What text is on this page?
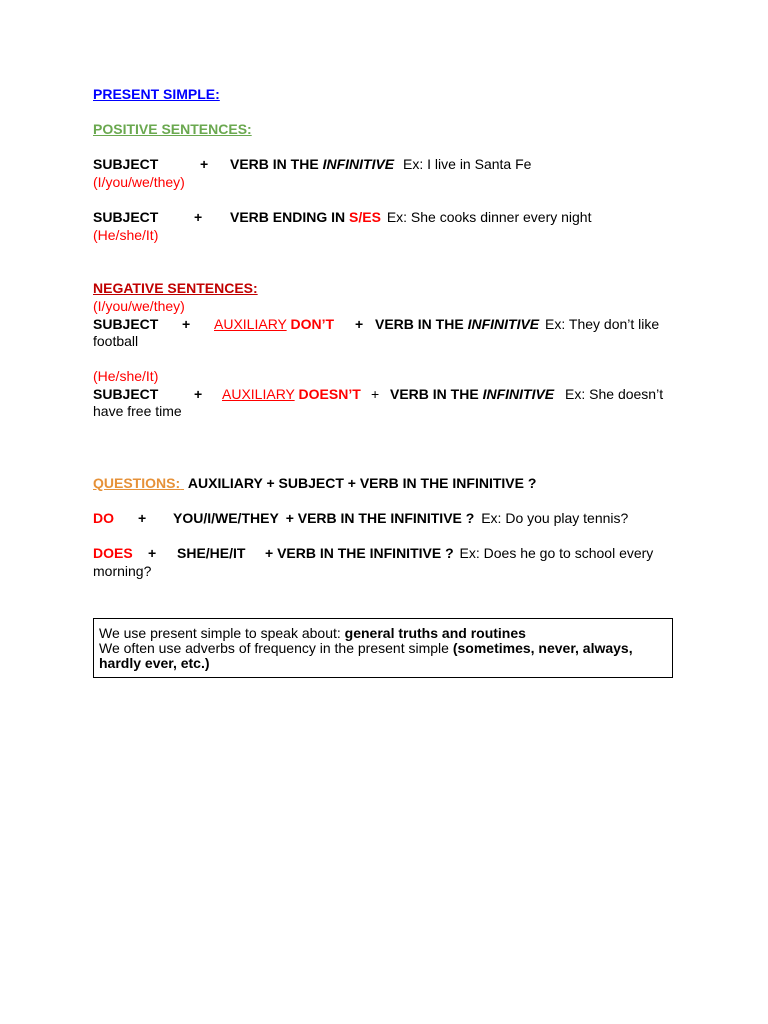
PRESENT SIMPLE:
POSITIVE SENTENCES:
SUBJECT	+ VERB IN THE INFINITIVE Ex: I live in Santa Fe
(I/you/we/they)
SUBJECT	+ VERB ENDING IN S/ES Ex: She cooks dinner every night
(He/she/It)
NEGATIVE SENTENCES:
(I/you/we/they)
SUBJECT + AUXILIARY DON’T + VERB IN THE INFINITIVE Ex: They don’t like football
(He/she/It)
SUBJECT	+ AUXILIARY DOESN’T + VERB IN THE INFINITIVE Ex: She doesn’t have free time
QUESTIONS: AUXILIARY + SUBJECT + VERB IN THE INFINITIVE ?
DO + YOU/I/WE/THEY + VERB IN THE INFINITIVE ? Ex: Do you play tennis?
DOES + SHE/HE/IT + VERB IN THE INFINITIVE ? Ex: Does he go to school every morning?
We use present simple to speak about: general truths and routines
We often use adverbs of frequency in the present simple (sometimes, never, always, hardly ever, etc.)
